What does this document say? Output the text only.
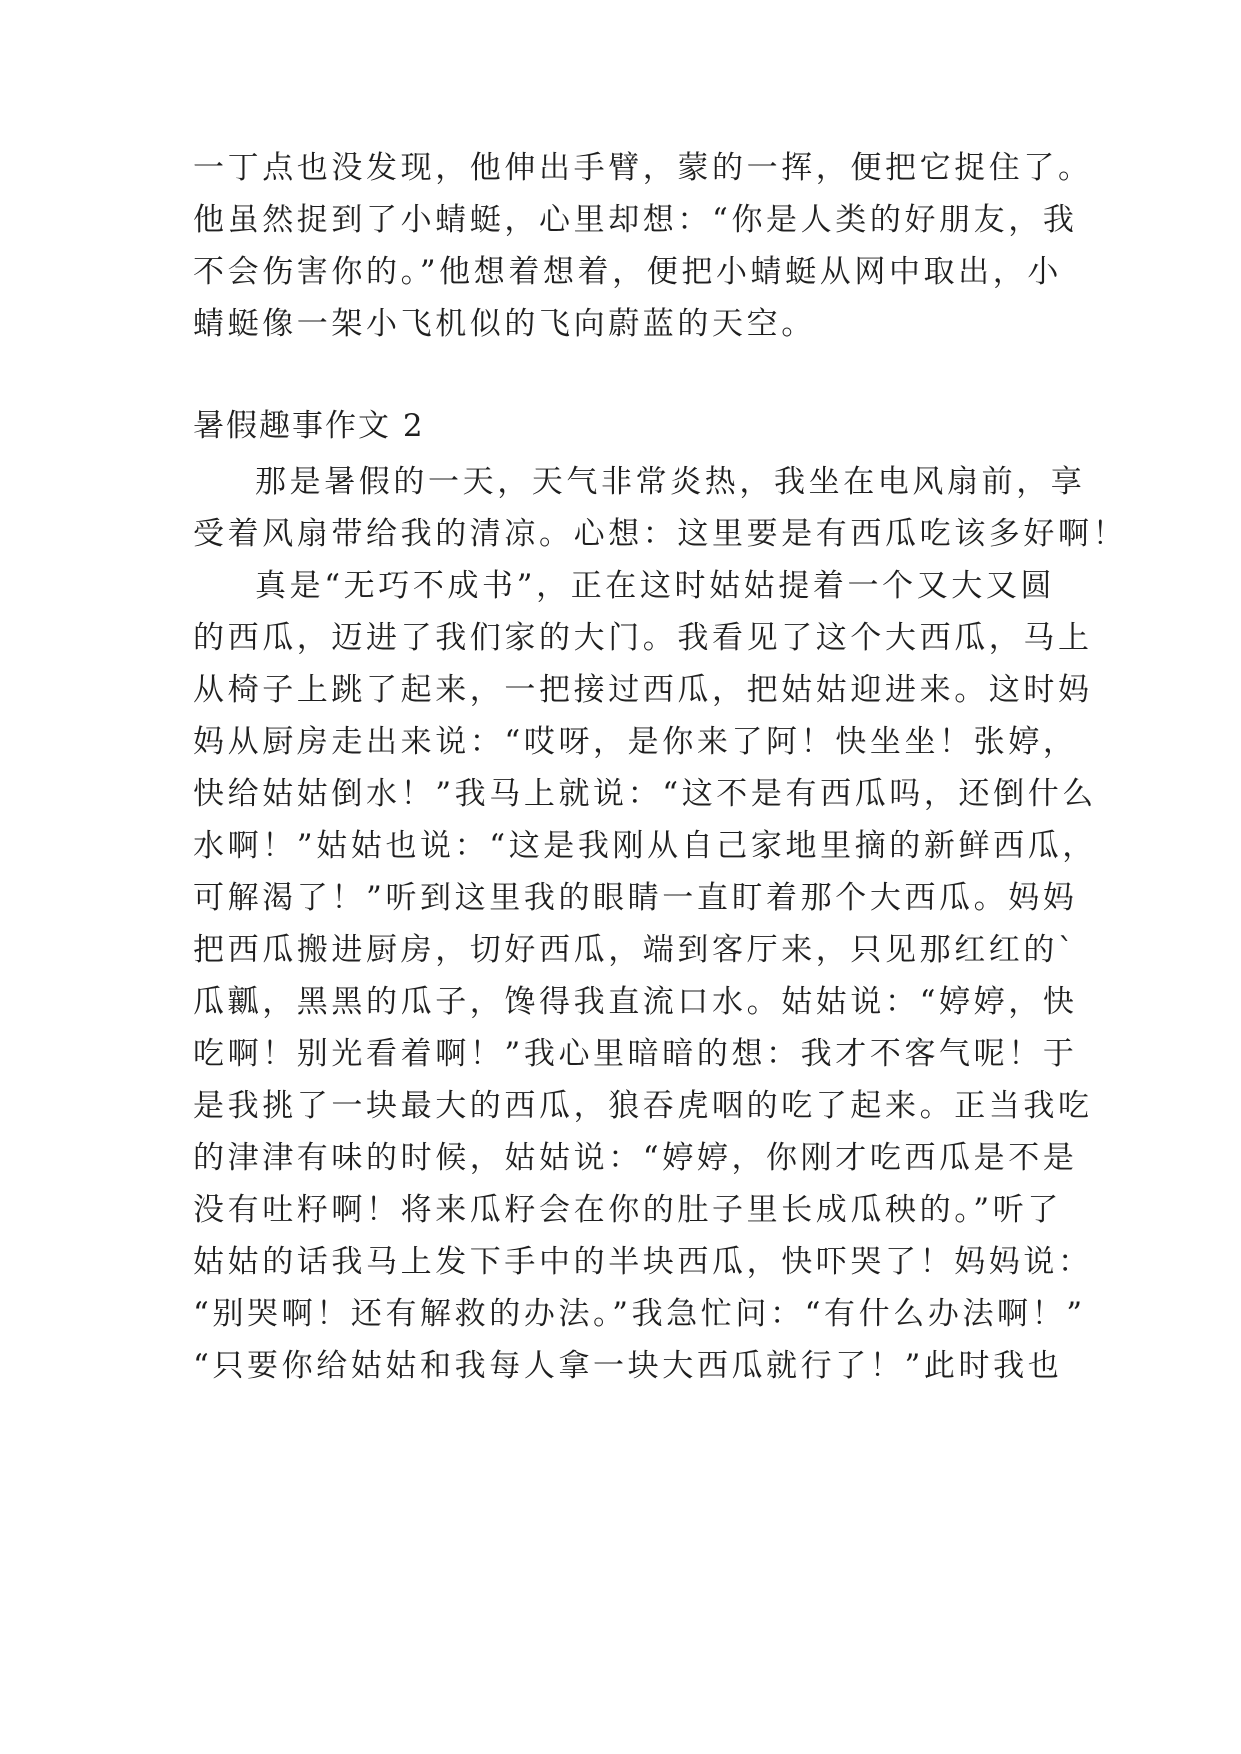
一丁点也没发现，他伸出手臂，蒙的一挥，便把它捉住了。
他虽然捉到了小蜻蜓，心里却想：“你是人类的好朋友，我
不会伤害你的。”他想着想着，便把小蜻蜓从网中取出，小
蜻蜓像一架小飞机似的飞向蔚蓝的天空。
暑假趣事作文 2
那是暑假的一天，天气非常炎热，我坐在电风扇前，享
受着风扇带给我的清凉。心想：这里要是有西瓜吃该多好啊！
真是“无巧不成书”，正在这时姑姑提着一个又大又圆
的西瓜，迈进了我们家的大门。我看见了这个大西瓜，马上
从椅子上跳了起来，一把接过西瓜，把姑姑迎进来。这时妈
妈从厨房走出来说：“哎呀，是你来了阿！快坐坐！张婷，
快给姑姑倒水！”我马上就说：“这不是有西瓜吗，还倒什么
水啊！”姑姑也说：“这是我刚从自己家地里摘的新鲜西瓜，
可解渴了！”听到这里我的眼睛一直盯着那个大西瓜。妈妈
把西瓜搬进厨房，切好西瓜，端到客厅来，只见那红红的`
瓜瓤，黑黑的瓜子，馋得我直流口水。姑姑说：“婷婷，快
吃啊！别光看着啊！”我心里暗暗的想：我才不客气呢！于
是我挑了一块最大的西瓜，狼吞虎咽的吃了起来。正当我吃
的津津有味的时候，姑姑说：“婷婷，你刚才吃西瓜是不是
没有吐籽啊！将来瓜籽会在你的肚子里长成瓜秧的。”听了
姑姑的话我马上发下手中的半块西瓜，快吓哭了！妈妈说：
“别哭啊！还有解救的办法。”我急忙问：“有什么办法啊！”
“只要你给姑姑和我每人拿一块大西瓜就行了！”此时我也
